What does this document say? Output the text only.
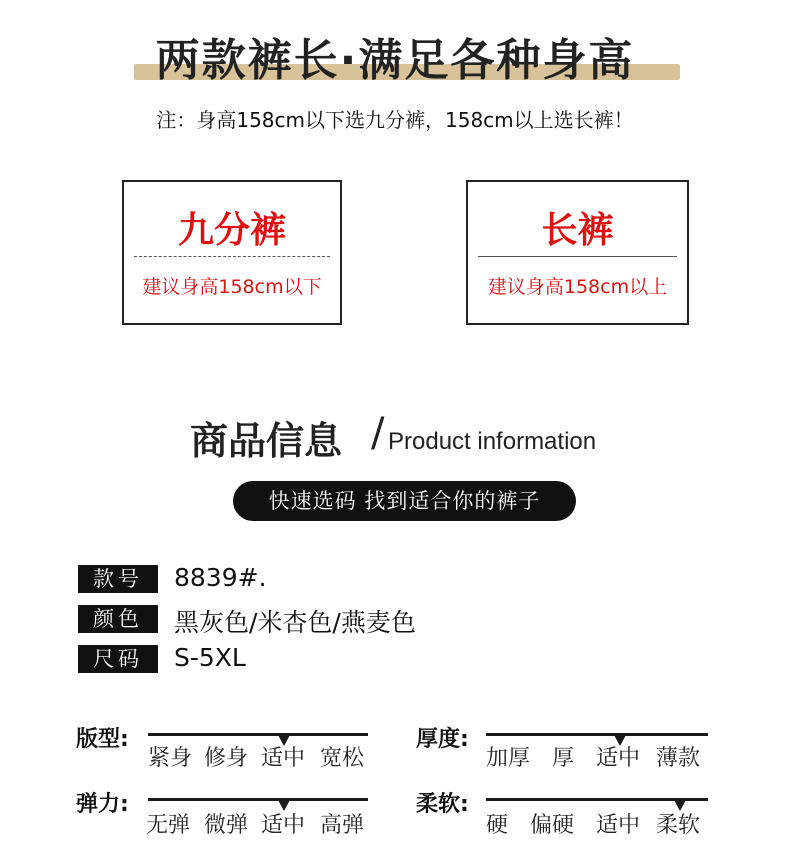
两款裤长·满足各种身高
注：身高158cm以下选九分裤，158cm以上选长裤！
九分裤
建议身高158cm以下
长裤
建议身高158cm以上
商品信息 / Product information
快速选码 找到适合你的裤子
款号	8839#.
颜色	黑灰色/米杏色/燕麦色
尺码	S-5XL
版型:
紧身 修身 适中 宽松
厚度:
加厚 厚 适中 薄款
弹力:
无弹 微弹 适中 高弹
柔软:
硬 偏硬 适中 柔软
